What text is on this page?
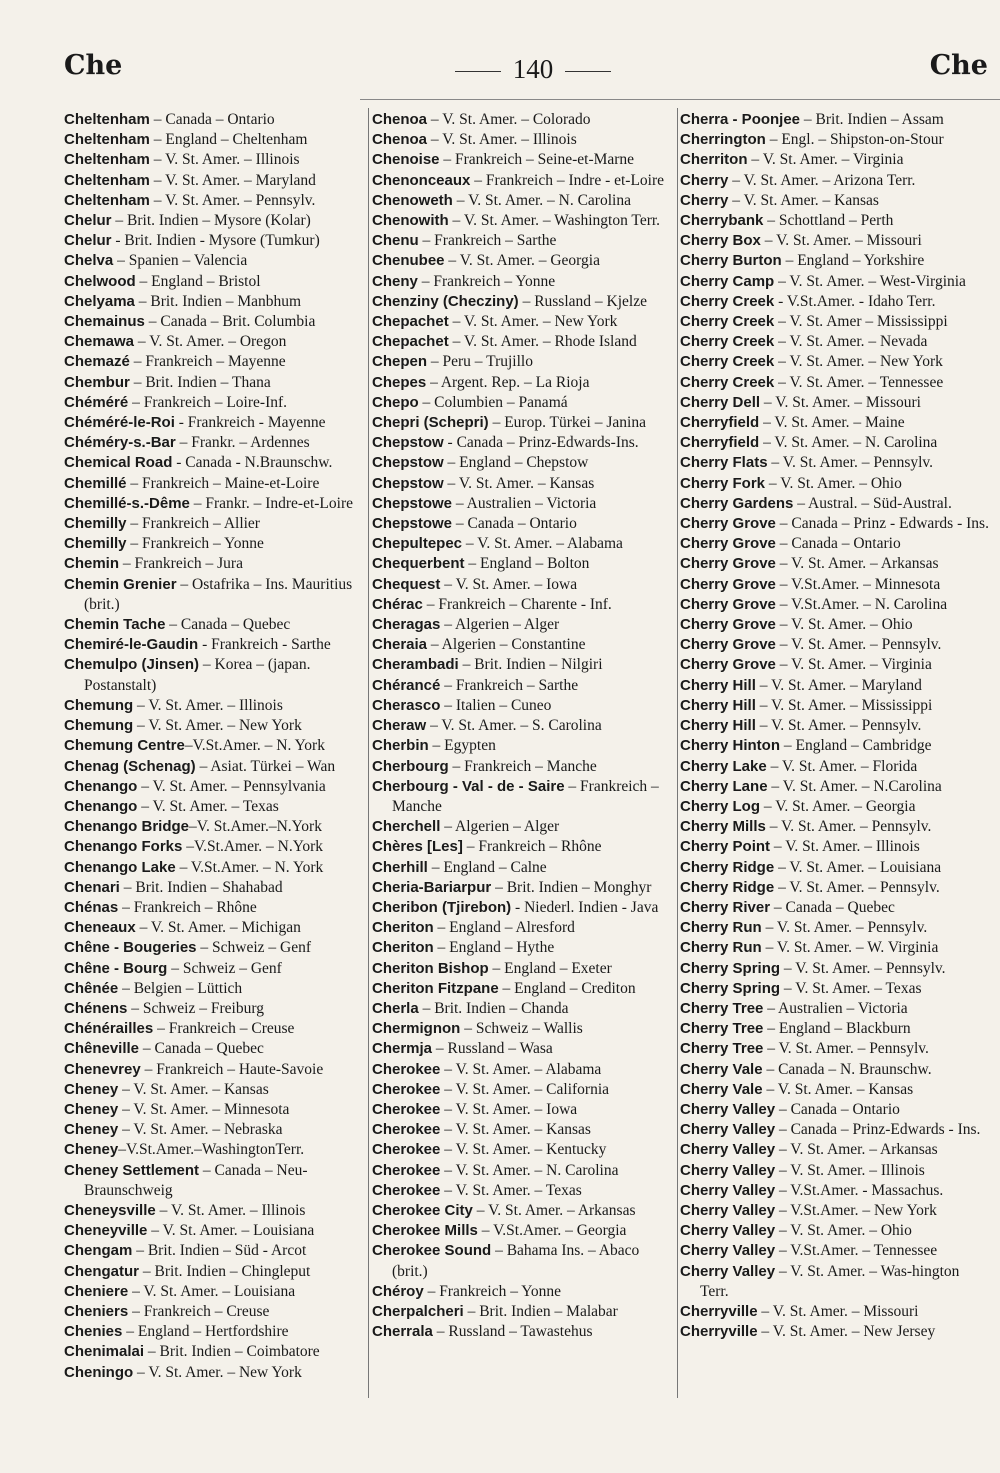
Che	140	Che
Cheltenham – Canada – Ontario
Cheltenham – England – Cheltenham
Cheltenham – V. St. Amer. – Illinois
Cheltenham – V. St. Amer. – Maryland
Cheltenham – V. St. Amer. – Pennsylv.
Chelur – Brit. Indien – Mysore (Kolar)
Chelur - Brit. Indien - Mysore (Tumkur)
Chelva – Spanien – Valencia
Chelwood – England – Bristol
Chelyama – Brit. Indien – Manbhum
Chemainus – Canada – Brit. Columbia
Chemawa – V. St. Amer. – Oregon
Chemazé – Frankreich – Mayenne
Chembur – Brit. Indien – Thana
Chéméré – Frankreich – Loire-Inf.
Chéméré-le-Roi - Frankreich - Mayenne
Chéméry-s.-Bar – Frankr. – Ardennes
Chemical Road - Canada - N.Braunschw.
Chemillé – Frankreich – Maine-et-Loire
Chemillé-s.-Dême – Frankr. – Indre-et-Loire
Chemilly – Frankreich – Allier
Chemilly – Frankreich – Yonne
Chemin – Frankreich – Jura
Chemin Grenier – Ostafrika – Ins. Mauritius (brit.)
Chemin Tache – Canada – Quebec
Chemiré-le-Gaudin - Frankreich - Sarthe
Chemulpo (Jinsen) – Korea – (japan. Postanstalt)
Chemung – V. St. Amer. – Illinois
Chemung – V. St. Amer. – New York
Chemung Centre–V.St.Amer. – N. York
Chenag (Schenag) – Asiat. Türkei – Wan
Chenango – V. St. Amer. – Pennsylvania
Chenango – V. St. Amer. – Texas
Chenango Bridge–V. St.Amer.–N.York
Chenango Forks –V.St.Amer. – N.York
Chenango Lake – V.St.Amer. – N. York
Chenari – Brit. Indien – Shahabad
Chénas – Frankreich – Rhône
Cheneaux – V. St. Amer. – Michigan
Chêne - Bougeries – Schweiz – Genf
Chêne - Bourg – Schweiz – Genf
Chênée – Belgien – Lüttich
Chénens – Schweiz – Freiburg
Chénérailles – Frankreich – Creuse
Chêneville – Canada – Quebec
Chenevrey – Frankreich – Haute-Savoie
Cheney – V. St. Amer. – Kansas
Cheney – V. St. Amer. – Minnesota
Cheney – V. St. Amer. – Nebraska
Cheney–V.St.Amer.–WashingtonTerr.
Cheney Settlement – Canada – Neu-Braunschweig
Cheneysville – V. St. Amer. – Illinois
Cheneyville – V. St. Amer. – Louisiana
Chengam – Brit. Indien – Süd - Arcot
Chengatur – Brit. Indien – Chingleput
Cheniere – V. St. Amer. – Louisiana
Cheniers – Frankreich – Creuse
Chenies – England – Hertfordshire
Chenimalai – Brit. Indien – Coimbatore
Cheningo – V. St. Amer. – New York
Chenoa – V. St. Amer. – Colorado
Chenoa – V. St. Amer. – Illinois
Chenoise – Frankreich – Seine-et-Marne
Chenonceaux – Frankreich – Indre - et-Loire
Chenoweth – V. St. Amer. – N. Carolina
Chenowith – V. St. Amer. – Washington Terr.
Chenu – Frankreich – Sarthe
Chenubee – V. St. Amer. – Georgia
Cheny – Frankreich – Yonne
Chenziny (Checziny) – Russland – Kjelze
Chepachet – V. St. Amer. – New York
Chepachet – V. St. Amer. – Rhode Island
Chepen – Peru – Trujillo
Chepes – Argent. Rep. – La Rioja
Chepo – Columbien – Panamá
Chepri (Schepri) – Europ. Türkei – Janina
Chepstow - Canada – Prinz-Edwards-Ins.
Chepstow – England – Chepstow
Chepstow – V. St. Amer. – Kansas
Chepstowe – Australien – Victoria
Chepstowe – Canada – Ontario
Chepultepec – V. St. Amer. – Alabama
Chequerbent – England – Bolton
Chequest – V. St. Amer. – Iowa
Chérac – Frankreich – Charente - Inf.
Cheragas – Algerien – Alger
Cheraia – Algerien – Constantine
Cherambadi – Brit. Indien – Nilgiri
Chérancé – Frankreich – Sarthe
Cherasco – Italien – Cuneo
Cheraw – V. St. Amer. – S. Carolina
Cherbin – Egypten
Cherbourg – Frankreich – Manche
Cherbourg - Val - de - Saire – Frankreich – Manche
Cherchell – Algerien – Alger
Chères [Les] – Frankreich – Rhône
Cherhill – England – Calne
Cheria-Bariarpur – Brit. Indien – Monghyr
Cheribon (Tjirebon) - Niederl. Indien - Java
Cheriton – England – Alresford
Cheriton – England – Hythe
Cheriton Bishop – England – Exeter
Cheriton Fitzpane – England – Crediton
Cherla – Brit. Indien – Chanda
Chermignon – Schweiz – Wallis
Chermja – Russland – Wasa
Cherokee – V. St. Amer. – Alabama
Cherokee – V. St. Amer. – California
Cherokee – V. St. Amer. – Iowa
Cherokee – V. St. Amer. – Kansas
Cherokee – V. St. Amer. – Kentucky
Cherokee – V. St. Amer. – N. Carolina
Cherokee – V. St. Amer. – Texas
Cherokee City – V. St. Amer. – Arkansas
Cherokee Mills – V.St.Amer. – Georgia
Cherokee Sound – Bahama Ins. – Abaco (brit.)
Chéroy – Frankreich – Yonne
Cherpalcheri – Brit. Indien – Malabar
Cherrala – Russland – Tawastehus
Cherra - Poonjee – Brit. Indien – Assam
Cherrington – Engl. – Shipston-on-Stour
Cherriton – V. St. Amer. – Virginia
Cherry – V. St. Amer. – Arizona Terr.
Cherry – V. St. Amer. – Kansas
Cherrybank – Schottland – Perth
Cherry Box – V. St. Amer. – Missouri
Cherry Burton – England – Yorkshire
Cherry Camp – V. St. Amer. – West-Virginia
Cherry Creek - V.St.Amer. - Idaho Terr.
Cherry Creek – V. St. Amer – Mississippi
Cherry Creek – V. St. Amer. – Nevada
Cherry Creek – V. St. Amer. – New York
Cherry Creek – V. St. Amer. – Tennessee
Cherry Dell – V. St. Amer. – Missouri
Cherryfield – V. St. Amer. – Maine
Cherryfield – V. St. Amer. – N. Carolina
Cherry Flats – V. St. Amer. – Pennsylv.
Cherry Fork – V. St. Amer. – Ohio
Cherry Gardens – Austral. – Süd-Austral.
Cherry Grove – Canada – Prinz - Edwards - Ins.
Cherry Grove – Canada – Ontario
Cherry Grove – V. St. Amer. – Arkansas
Cherry Grove – V.St.Amer. – Minnesota
Cherry Grove – V.St.Amer. – N. Carolina
Cherry Grove – V. St. Amer. – Ohio
Cherry Grove – V. St. Amer. – Pennsylv.
Cherry Grove – V. St. Amer. – Virginia
Cherry Hill – V. St. Amer. – Maryland
Cherry Hill – V. St. Amer. – Mississippi
Cherry Hill – V. St. Amer. – Pennsylv.
Cherry Hinton – England – Cambridge
Cherry Lake – V. St. Amer. – Florida
Cherry Lane – V. St. Amer. – N.Carolina
Cherry Log – V. St. Amer. – Georgia
Cherry Mills – V. St. Amer. – Pennsylv.
Cherry Point – V. St. Amer. – Illinois
Cherry Ridge – V. St. Amer. – Louisiana
Cherry Ridge – V. St. Amer. – Pennsylv.
Cherry River – Canada – Quebec
Cherry Run – V. St. Amer. – Pennsylv.
Cherry Run – V. St. Amer. – W. Virginia
Cherry Spring – V. St. Amer. – Pennsylv.
Cherry Spring – V. St. Amer. – Texas
Cherry Tree – Australien – Victoria
Cherry Tree – England – Blackburn
Cherry Tree – V. St. Amer. – Pennsylv.
Cherry Vale – Canada – N. Braunschw.
Cherry Vale – V. St. Amer. – Kansas
Cherry Valley – Canada – Ontario
Cherry Valley – Canada – Prinz-Edwards - Ins.
Cherry Valley – V. St. Amer. – Arkansas
Cherry Valley – V. St. Amer. – Illinois
Cherry Valley – V.St.Amer. - Massachus.
Cherry Valley – V.St.Amer. – New York
Cherry Valley – V. St. Amer. – Ohio
Cherry Valley – V.St.Amer. – Tennessee
Cherry Valley – V. St. Amer. – Was-hington Terr.
Cherryville – V. St. Amer. – Missouri
Cherryville – V. St. Amer. – New Jersey
